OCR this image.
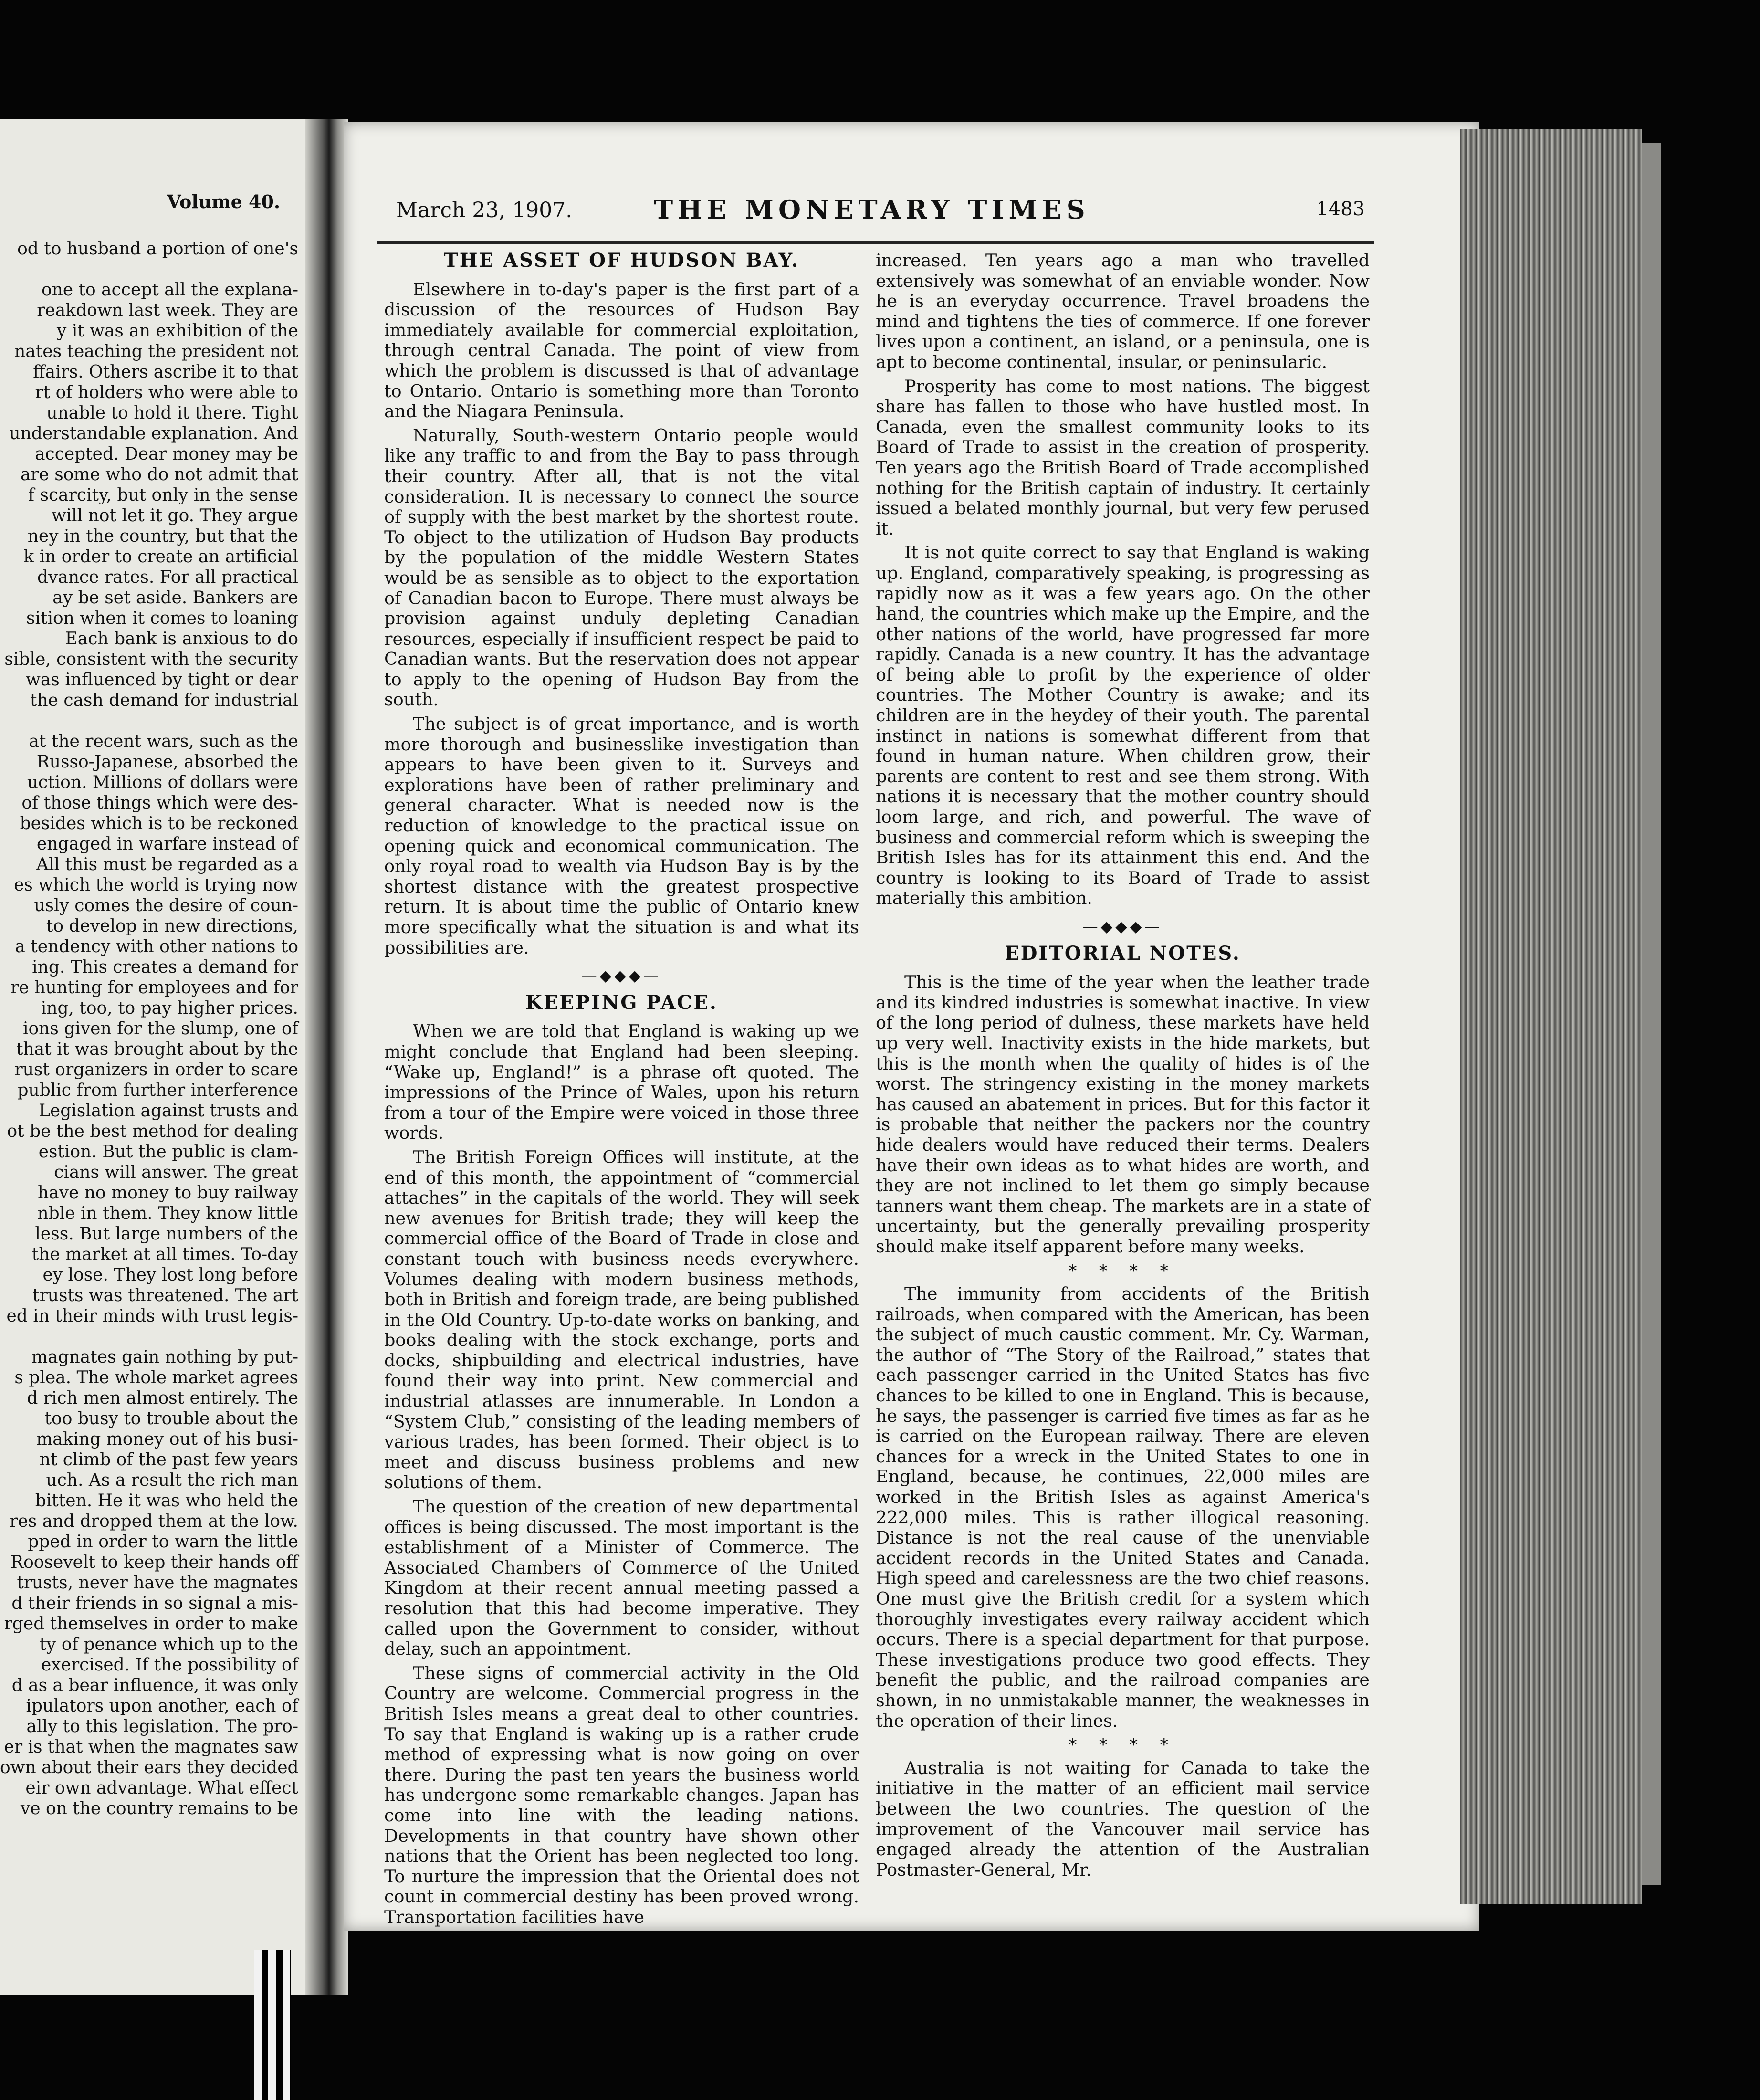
Volume 40.
od to husband a portion of one's

one to accept all the explana-
reakdown last week. They are
y it was an exhibition of the
nates teaching the president not
ffairs. Others ascribe it to that
rt of holders who were able to
unable to hold it there. Tight
understandable explanation. And
accepted. Dear money may be
are some who do not admit that
f scarcity, but only in the sense
will not let it go. They argue
ney in the country, but that the
k in order to create an artificial
dvance rates. For all practical
ay be set aside. Bankers are
sition when it comes to loaning
Each bank is anxious to do
sible, consistent with the security
was influenced by tight or dear
the cash demand for industrial

at the recent wars, such as the
Russo-Japanese, absorbed the
uction. Millions of dollars were
of those things which were des-
besides which is to be reckoned
engaged in warfare instead of
All this must be regarded as a
es which the world is trying now
usly comes the desire of coun-
to develop in new directions,
a tendency with other nations to
ing. This creates a demand for
re hunting for employees and for
ing, too, to pay higher prices.
ions given for the slump, one of
that it was brought about by the
rust organizers in order to scare
public from further interference
Legislation against trusts and
ot be the best method for dealing
estion. But the public is clam-
cians will answer. The great
have no money to buy railway
nble in them. They know little
less. But large numbers of the
the market at all times. To-day
ey lose. They lost long before
trusts was threatened. The art
ed in their minds with trust legis-

magnates gain nothing by put-
s plea. The whole market agrees
d rich men almost entirely. The
too busy to trouble about the
making money out of his busi-
nt climb of the past few years
uch. As a result the rich man
bitten. He it was who held the
res and dropped them at the low.
pped in order to warn the little
Roosevelt to keep their hands off
trusts, never have the magnates
d their friends in so signal a mis-
rged themselves in order to make
ty of penance which up to the
exercised. If the possibility of
d as a bear influence, it was only
ipulators upon another, each of
ally to this legislation. The pro-
er is that when the magnates saw
own about their ears they decided
eir own advantage. What effect
ve on the country remains to be
March 23, 1907.	THE MONETARY TIMES	1483
THE ASSET OF HUDSON BAY.

Elsewhere in to-day's paper is the first part of a discussion of the resources of Hudson Bay immediately available for commercial exploitation, through central Canada. The point of view from which the problem is discussed is that of advantage to Ontario. Ontario is something more than Toronto and the Niagara Peninsula.

Naturally, South-western Ontario people would like any traffic to and from the Bay to pass through their country. After all, that is not the vital consideration. It is necessary to connect the source of supply with the best market by the shortest route. To object to the utilization of Hudson Bay products by the population of the middle Western States would be as sensible as to object to the exportation of Canadian bacon to Europe. There must always be provision against unduly depleting Canadian resources, especially if insufficient respect be paid to Canadian wants. But the reservation does not appear to apply to the opening of Hudson Bay from the south.

The subject is of great importance, and is worth more thorough and businesslike investigation than appears to have been given to it. Surveys and explorations have been of rather preliminary and general character. What is needed now is the reduction of knowledge to the practical issue on opening quick and economical communication. The only royal road to wealth via Hudson Bay is by the shortest distance with the greatest prospective return. It is about time the public of Ontario knew more specifically what the situation is and what its possibilities are.

—◆◆◆—
KEEPING PACE.

When we are told that England is waking up we might conclude that England had been sleeping. “Wake up, England!” is a phrase oft quoted. The impressions of the Prince of Wales, upon his return from a tour of the Empire were voiced in those three words.

The British Foreign Offices will institute, at the end of this month, the appointment of “commercial attaches” in the capitals of the world. They will seek new avenues for British trade; they will keep the commercial office of the Board of Trade in close and constant touch with business needs everywhere. Volumes dealing with modern business methods, both in British and foreign trade, are being published in the Old Country. Up-to-date works on banking, and books dealing with the stock exchange, ports and docks, shipbuilding and electrical industries, have found their way into print. New commercial and industrial atlasses are innumerable. In London a “System Club,” consisting of the leading members of various trades, has been formed. Their object is to meet and discuss business problems and new solutions of them.

The question of the creation of new departmental offices is being discussed. The most important is the establishment of a Minister of Commerce. The Associated Chambers of Commerce of the United Kingdom at their recent annual meeting passed a resolution that this had become imperative. They called upon the Government to consider, without delay, such an appointment.

These signs of commercial activity in the Old Country are welcome. Commercial progress in the British Isles means a great deal to other countries. To say that England is waking up is a rather crude method of expressing what is now going on over there. During the past ten years the business world has undergone some remarkable changes. Japan has come into line with the leading nations. Developments in that country have shown other nations that the Orient has been neglected too long. To nurture the impression that the Oriental does not count in commercial destiny has been proved wrong. Transportation facilities have

increased. Ten years ago a man who travelled extensively was somewhat of an enviable wonder. Now he is an everyday occurrence. Travel broadens the mind and tightens the ties of commerce. If one forever lives upon a continent, an island, or a peninsula, one is apt to become continental, insular, or peninsularic.

Prosperity has come to most nations. The biggest share has fallen to those who have hustled most. In Canada, even the smallest community looks to its Board of Trade to assist in the creation of prosperity. Ten years ago the British Board of Trade accomplished nothing for the British captain of industry. It certainly issued a belated monthly journal, but very few perused it.

It is not quite correct to say that England is waking up. England, comparatively speaking, is progressing as rapidly now as it was a few years ago. On the other hand, the countries which make up the Empire, and the other nations of the world, have progressed far more rapidly. Canada is a new country. It has the advantage of being able to profit by the experience of older countries. The Mother Country is awake; and its children are in the heydey of their youth. The parental instinct in nations is somewhat different from that found in human nature. When children grow, their parents are content to rest and see them strong. With nations it is necessary that the mother country should loom large, and rich, and powerful. The wave of business and commercial reform which is sweeping the British Isles has for its attainment this end. And the country is looking to its Board of Trade to assist materially this ambition.

—◆◆◆—
EDITORIAL NOTES.

This is the time of the year when the leather trade and its kindred industries is somewhat inactive. In view of the long period of dulness, these markets have held up very well. Inactivity exists in the hide markets, but this is the month when the quality of hides is of the worst. The stringency existing in the money markets has caused an abatement in prices. But for this factor it is probable that neither the packers nor the country hide dealers would have reduced their terms. Dealers have their own ideas as to what hides are worth, and they are not inclined to let them go simply because tanners want them cheap. The markets are in a state of uncertainty, but the generally prevailing prosperity should make itself apparent before many weeks.

* * * *

The immunity from accidents of the British railroads, when compared with the American, has been the subject of much caustic comment. Mr. Cy. Warman, the author of “The Story of the Railroad,” states that each passenger carried in the United States has five chances to be killed to one in England. This is because, he says, the passenger is carried five times as far as he is carried on the European railway. There are eleven chances for a wreck in the United States to one in England, because, he continues, 22,000 miles are worked in the British Isles as against America's 222,000 miles. This is rather illogical reasoning. Distance is not the real cause of the unenviable accident records in the United States and Canada. High speed and carelessness are the two chief reasons. One must give the British credit for a system which thoroughly investigates every railway accident which occurs. There is a special department for that purpose. These investigations produce two good effects. They benefit the public, and the railroad companies are shown, in no unmistakable manner, the weaknesses in the operation of their lines.

* * * *

Australia is not waiting for Canada to take the initiative in the matter of an efficient mail service between the two countries. The question of the improvement of the Vancouver mail service has engaged already the attention of the Australian Postmaster-General, Mr.
